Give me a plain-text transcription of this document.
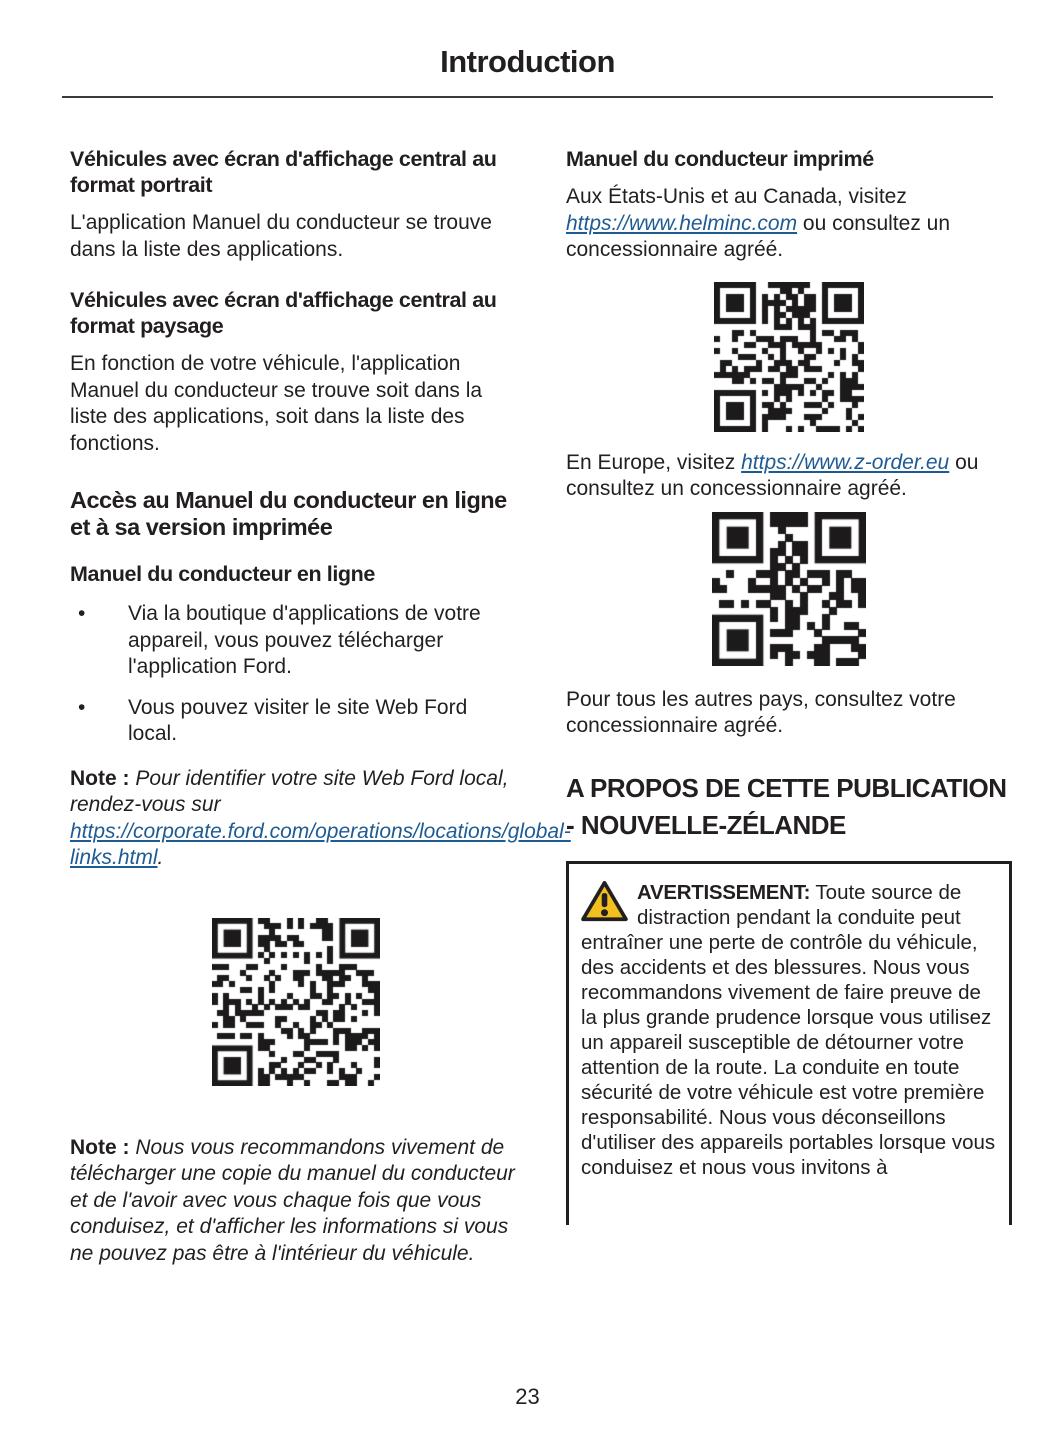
Introduction
Véhicules avec écran d'affichage central au format portrait

L'application Manuel du conducteur se trouve dans la liste des applications.

Véhicules avec écran d'affichage central au format paysage

En fonction de votre véhicule, l'application Manuel du conducteur se trouve soit dans la liste des applications, soit dans la liste des fonctions.

Accès au Manuel du conducteur en ligne et à sa version imprimée
Manuel du conducteur en ligne
•	Via la boutique d'applications de votre appareil, vous pouvez télécharger l'application Ford.
•	Vous pouvez visiter le site Web Ford local.

Note : Pour identifier votre site Web Ford local, rendez-vous sur https://corporate.ford.com/operations/locations/global-links.html.

Note : Nous vous recommandons vivement de télécharger une copie du manuel du conducteur et de l'avoir avec vous chaque fois que vous conduisez, et d'afficher les informations si vous ne pouvez pas être à l'intérieur du véhicule.

Manuel du conducteur imprimé

Aux États-Unis et au Canada, visitez https://www.helminc.com ou consultez un concessionnaire agréé.

En Europe, visitez https://www.z-order.eu ou consultez un concessionnaire agréé.

Pour tous les autres pays, consultez votre concessionnaire agréé.

A PROPOS DE CETTE PUBLICATION - NOUVELLE-ZÉLANDE

AVERTISSEMENT: Toute source de distraction pendant la conduite peut entraîner une perte de contrôle du véhicule, des accidents et des blessures. Nous vous recommandons vivement de faire preuve de la plus grande prudence lorsque vous utilisez un appareil susceptible de détourner votre attention de la route. La conduite en toute sécurité de votre véhicule est votre première responsabilité. Nous vous déconseillons d'utiliser des appareils portables lorsque vous conduisez et nous vous invitons à

23
